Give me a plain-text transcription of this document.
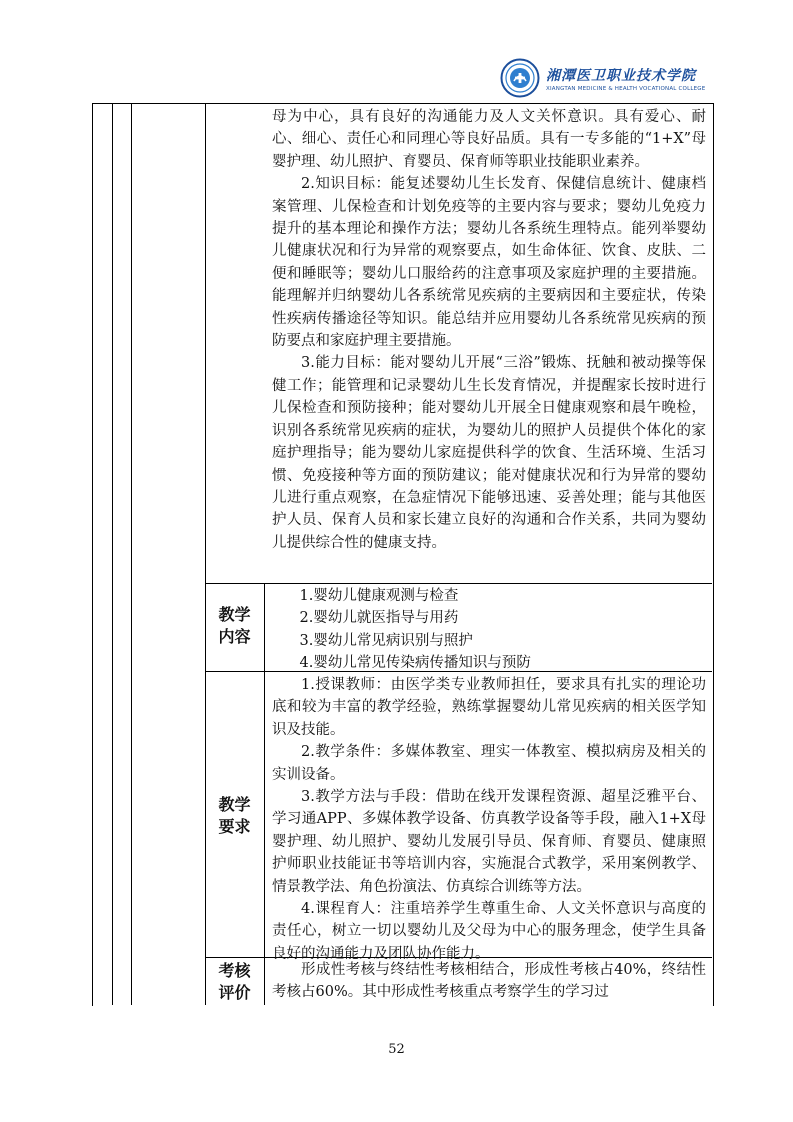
湘潭医卫职业技术学院
XIANGTAN MEDICINE & HEALTH VOCATIONAL COLLEGE

母为中心，具有良好的沟通能力及人文关怀意识。具有爱心、耐心、细心、责任心和同理心等良好品质。具有一专多能的“1+X”母婴护理、幼儿照护、育婴员、保育师等职业技能职业素养。

2.知识目标：能复述婴幼儿生长发育、保健信息统计、健康档案管理、儿保检查和计划免疫等的主要内容与要求；婴幼儿免疫力提升的基本理论和操作方法；婴幼儿各系统生理特点。能列举婴幼儿健康状况和行为异常的观察要点，如生命体征、饮食、皮肤、二便和睡眠等；婴幼儿口服给药的注意事项及家庭护理的主要措施。能理解并归纳婴幼儿各系统常见疾病的主要病因和主要症状，传染性疾病传播途径等知识。能总结并应用婴幼儿各系统常见疾病的预防要点和家庭护理主要措施。

3.能力目标：能对婴幼儿开展“三浴”锻炼、抚触和被动操等保健工作；能管理和记录婴幼儿生长发育情况，并提醒家长按时进行儿保检查和预防接种；能对婴幼儿开展全日健康观察和晨午晚检，识别各系统常见疾病的症状，为婴幼儿的照护人员提供个体化的家庭护理指导；能为婴幼儿家庭提供科学的饮食、生活环境、生活习惯、免疫接种等方面的预防建议；能对健康状况和行为异常的婴幼儿进行重点观察，在急症情况下能够迅速、妥善处理；能与其他医护人员、保育人员和家长建立良好的沟通和合作关系，共同为婴幼儿提供综合性的健康支持。

教学
内容

1.婴幼儿健康观测与检查

2.婴幼儿就医指导与用药

3.婴幼儿常见病识别与照护

4.婴幼儿常见传染病传播知识与预防

教学
要求

1.授课教师：由医学类专业教师担任，要求具有扎实的理论功底和较为丰富的教学经验，熟练掌握婴幼儿常见疾病的相关医学知识及技能。

2.教学条件：多媒体教室、理实一体教室、模拟病房及相关的实训设备。

3.教学方法与手段：借助在线开发课程资源、超星泛雅平台、学习通APP、多媒体教学设备、仿真教学设备等手段，融入1+X母婴护理、幼儿照护、婴幼儿发展引导员、保育师、育婴员、健康照护师职业技能证书等培训内容，实施混合式教学，采用案例教学、情景教学法、角色扮演法、仿真综合训练等方法。

4.课程育人：注重培养学生尊重生命、人文关怀意识与高度的责任心，树立一切以婴幼儿及父母为中心的服务理念，使学生具备良好的沟通能力及团队协作能力。

考核
评价

形成性考核与终结性考核相结合，形成性考核占40%，终结性考核占60%。其中形成性考核重点考察学生的学习过

52
